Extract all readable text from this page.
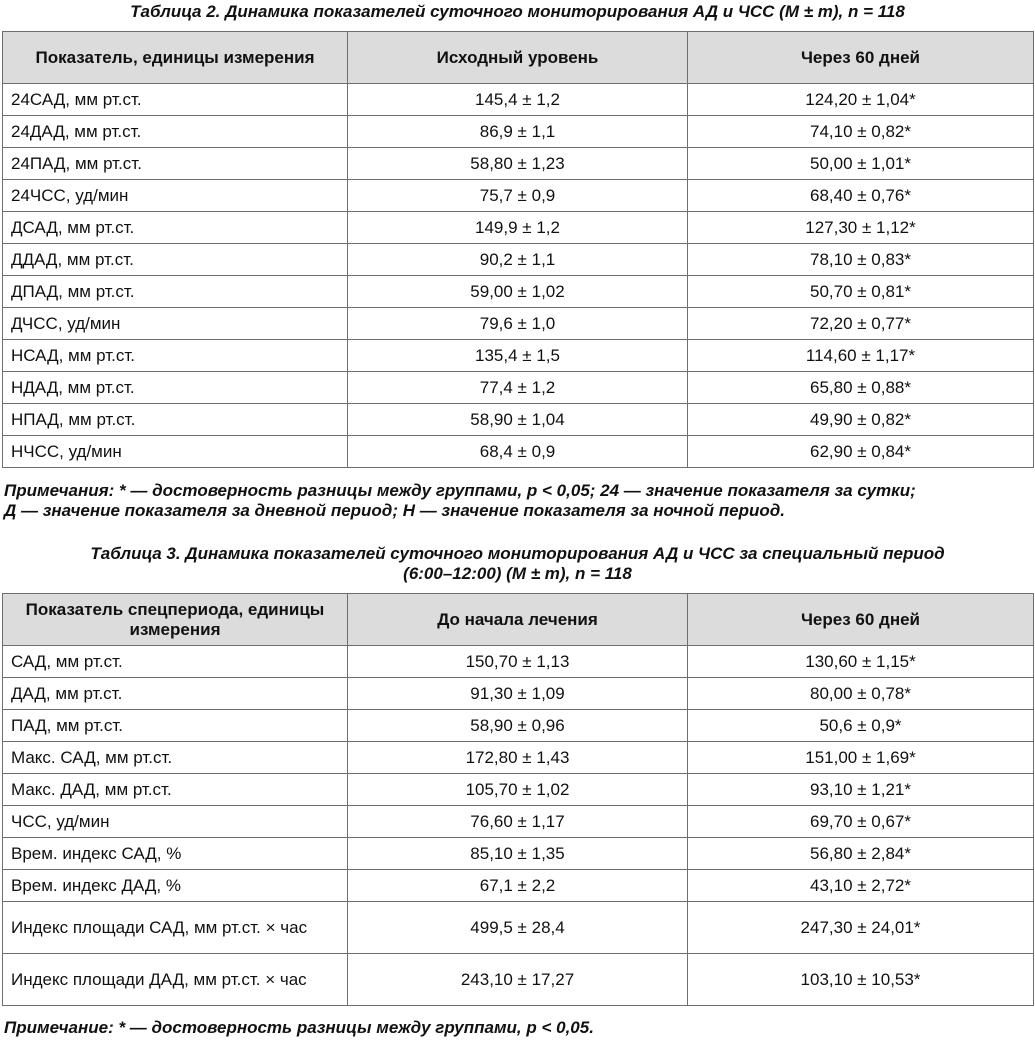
Таблица 2. Динамика показателей суточного мониторирования АД и ЧСС (M ± m), n = 118

Показатель, единицы измерения	Исходный уровень	Через 60 дней
24САД, мм рт.ст.	145,4 ± 1,2	124,20 ± 1,04*
24ДАД, мм рт.ст.	86,9 ± 1,1	74,10 ± 0,82*
24ПАД, мм рт.ст.	58,80 ± 1,23	50,00 ± 1,01*
24ЧСС, уд/мин	75,7 ± 0,9	68,40 ± 0,76*
ДСАД, мм рт.ст.	149,9 ± 1,2	127,30 ± 1,12*
ДДАД, мм рт.ст.	90,2 ± 1,1	78,10 ± 0,83*
ДПАД, мм рт.ст.	59,00 ± 1,02	50,70 ± 0,81*
ДЧСС, уд/мин	79,6 ± 1,0	72,20 ± 0,77*
НСАД, мм рт.ст.	135,4 ± 1,5	114,60 ± 1,17*
НДАД, мм рт.ст.	77,4 ± 1,2	65,80 ± 0,88*
НПАД, мм рт.ст.	58,90 ± 1,04	49,90 ± 0,82*
НЧСС, уд/мин	68,4 ± 0,9	62,90 ± 0,84*

Примечания: * — достоверность разницы между группами, р < 0,05; 24 — значение показателя за сутки;

Д — значение показателя за дневной период; Н — значение показателя за ночной период.

Таблица 3. Динамика показателей суточного мониторирования АД и ЧСС за специальный период

(6:00–12:00) (M ± m), n = 118

Показатель спецпериода, единицы измерения	До начала лечения	Через 60 дней
САД, мм рт.ст.	150,70 ± 1,13	130,60 ± 1,15*
ДАД, мм рт.ст.	91,30 ± 1,09	80,00 ± 0,78*
ПАД, мм рт.ст.	58,90 ± 0,96	50,6 ± 0,9*
Макс. САД, мм рт.ст.	172,80 ± 1,43	151,00 ± 1,69*
Макс. ДАД, мм рт.ст.	105,70 ± 1,02	93,10 ± 1,21*
ЧСС, уд/мин	76,60 ± 1,17	69,70 ± 0,67*
Врем. индекс САД, %	85,10 ± 1,35	56,80 ± 2,84*
Врем. индекс ДАД, %	67,1 ± 2,2	43,10 ± 2,72*
Индекс площади САД, мм рт.ст. × час	499,5 ± 28,4	247,30 ± 24,01*
Индекс площади ДАД, мм рт.ст. × час	243,10 ± 17,27	103,10 ± 10,53*

Примечание: * — достоверность разницы между группами, р < 0,05.
